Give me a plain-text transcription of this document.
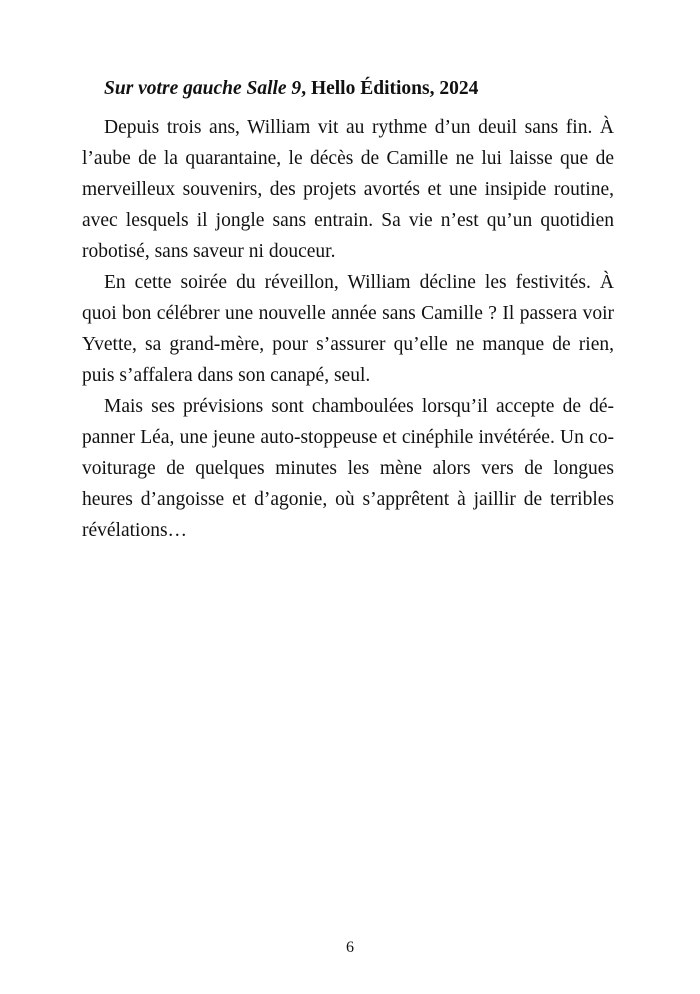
Sur votre gauche Salle 9, Hello Éditions, 2024

Depuis trois ans, William vit au rythme d’un deuil sans fin. À l’aube de la quarantaine, le décès de Camille ne lui laisse que de merveilleux souvenirs, des projets avortés et une insipide routine, avec lesquels il jongle sans entrain. Sa vie n’est qu’un quotidien robotisé, sans saveur ni douceur.

En cette soirée du réveillon, William décline les festivités. À quoi bon célébrer une nouvelle année sans Camille ? Il passera voir Yvette, sa grand-mère, pour s’assurer qu’elle ne manque de rien, puis s’affalera dans son canapé, seul.

Mais ses prévisions sont chamboulées lorsqu’il accepte de dépanner Léa, une jeune auto-stoppeuse et cinéphile invétérée. Un co-voiturage de quelques minutes les mène alors vers de longues heures d’angoisse et d’agonie, où s’apprêtent à jaillir de terribles révélations…

6
